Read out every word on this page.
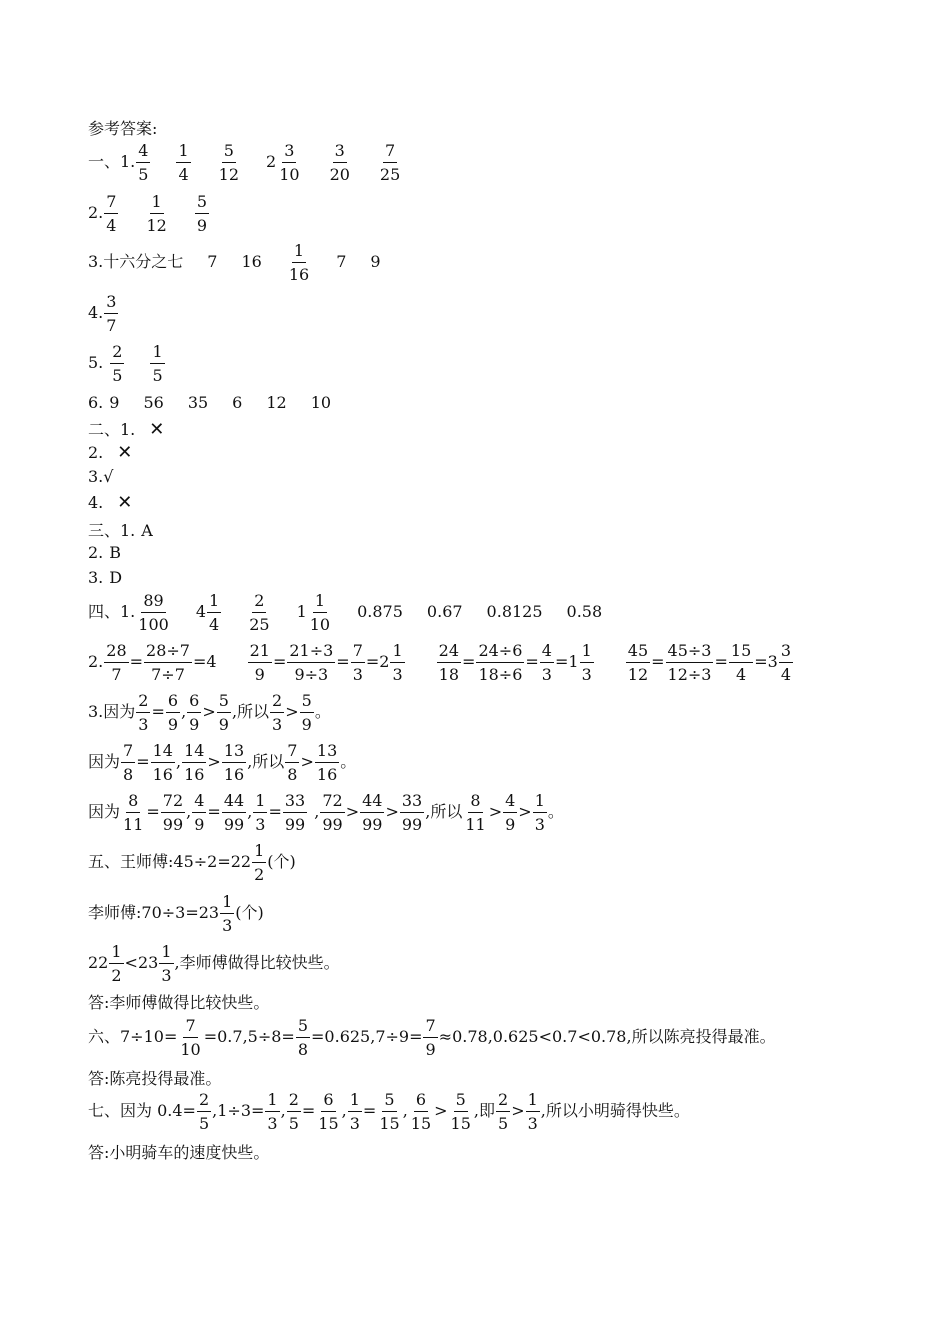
参考答案:
一、1. $\frac{4}{5} \frac{1}{4} \frac{5}{12} 2 \frac{3}{10} \frac{3}{20} \frac{7}{25}$
2. $\frac{7}{4} \frac{1}{12} \frac{5}{9}$
3.十六分之七 7 $16 \frac{1}{16} 7$ 9
4. $\frac{3}{7}$
5. $\frac{2}{5} \frac{1}{5}$
6. 9 56 35 6 12 10
二、1. ✕
2. ✕
3.√
4. ✕
三、1. A
2. B
3. D
四、1. $\frac{89}{100} 4 \frac{1}{4} \frac{2}{25} 1 \frac{1}{10} 0.875$ 0.67 0.8125 0.58
2. $\frac{28}{7} = \frac{28\div 7}{7\div 7} =4 \frac{21}{9} = \frac{21\div 3}{9\div 3} = \frac{7}{3} =2 \frac{1}{3} \frac{24}{18} = \frac{24\div 6}{18\div 6} = \frac{4}{3} =1 \frac{1}{3} \frac{45}{12} = \frac{45\div 3}{12\div 3} = \frac{15}{4} =3 \frac{3}{4}$
3.因为 $\frac{2}{3} = \frac{6}{9}$ , $\frac{6}{9} > \frac{5}{9}$ ,所以 $\frac{2}{3} > \frac{5}{9}$ 。
因为 $\frac{7}{8} = \frac{14}{16}$ , $\frac{14}{16} > \frac{13}{16}$ ,所以 $\frac{7}{8} > \frac{13}{16}$ 。
因为 $\frac{8}{11} = \frac{72}{99}$ , $\frac{4}{9} = \frac{44}{99}$ , $\frac{1}{3} = \frac{33}{99}$ , $\frac{72}{99} > \frac{44}{99} > \frac{33}{99}$ ,所以 $\frac{8}{11} > \frac{4}{9} > \frac{1}{3}$ 。
五、王师傅:45÷2=22 $\frac{1}{2}$ (个)
李师傅:70÷3=23 $\frac{1}{3}$ (个)
$22 \frac{1}{2} <23 \frac{1}{3}$ ,李师傅做得比较快些。
答:李师傅做得比较快些。
六、$7\div 10= \frac{7}{10} =0.7,5\div 8= \frac{5}{8} =0.625,7\div 9= \frac{7}{9} \approx 0.78,0.625<0.7<0.78$,所以陈亮投得最准。
答:陈亮投得最准。
七、因为 $0.4= \frac{2}{5} ,1\div 3= \frac{1}{3}$ , $\frac{2}{5} = \frac{6}{15}$ , $\frac{1}{3} = \frac{5}{15}$ , $\frac{6}{15} > \frac{5}{15}$ ,即 $\frac{2}{5} > \frac{1}{3}$ ,所以小明骑得快些。
答:小明骑车的速度快些。
